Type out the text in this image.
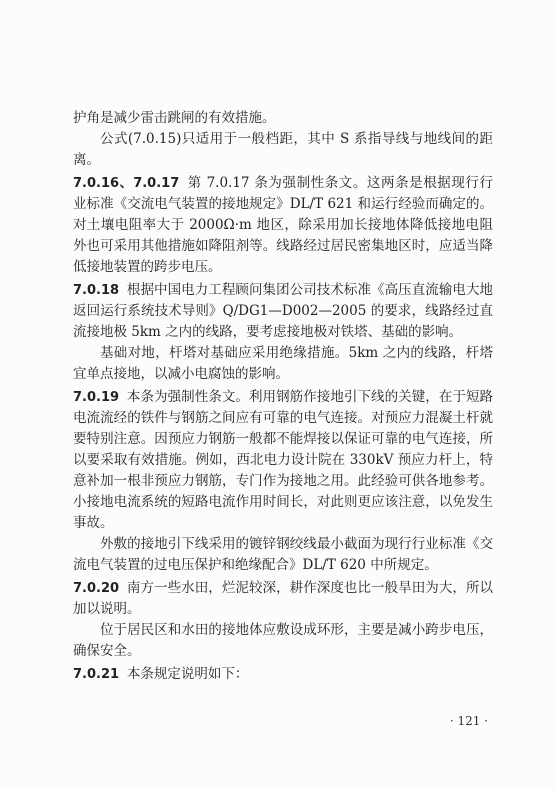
护角是减少雷击跳闸的有效措施。

公式(7.0.15)只适用于一般档距，其中 S 系指导线与地线间的距离。

7.0.16、7.0.17 第 7.0.17 条为强制性条文。这两条是根据现行行业标准《交流电气装置的接地规定》DL/T 621 和运行经验而确定的。对土壤电阻率大于 2000Ω·m 地区，除采用加长接地体降低接地电阻外也可采用其他措施如降阻剂等。线路经过居民密集地区时，应适当降低接地装置的跨步电压。

7.0.18 根据中国电力工程顾问集团公司技术标准《高压直流输电大地返回运行系统技术导则》Q/DG1—D002—2005 的要求，线路经过直流接地极 5km 之内的线路，要考虑接地极对铁塔、基础的影响。

基础对地，杆塔对基础应采用绝缘措施。5km 之内的线路，杆塔宜单点接地，以减小电腐蚀的影响。

7.0.19 本条为强制性条文。利用钢筋作接地引下线的关键，在于短路电流流经的铁件与钢筋之间应有可靠的电气连接。对预应力混凝土杆就要特别注意。因预应力钢筋一般都不能焊接以保证可靠的电气连接，所以要采取有效措施。例如，西北电力设计院在 330kV 预应力杆上，特意补加一根非预应力钢筋，专门作为接地之用。此经验可供各地参考。小接地电流系统的短路电流作用时间长，对此则更应该注意，以免发生事故。

外敷的接地引下线采用的镀锌钢绞线最小截面为现行行业标准《交流电气装置的过电压保护和绝缘配合》DL/T 620 中所规定。

7.0.20 南方一些水田，烂泥较深，耕作深度也比一般旱田为大，所以加以说明。

位于居民区和水田的接地体应敷设成环形，主要是减小跨步电压，确保安全。

7.0.21 本条规定说明如下：

· 121 ·
